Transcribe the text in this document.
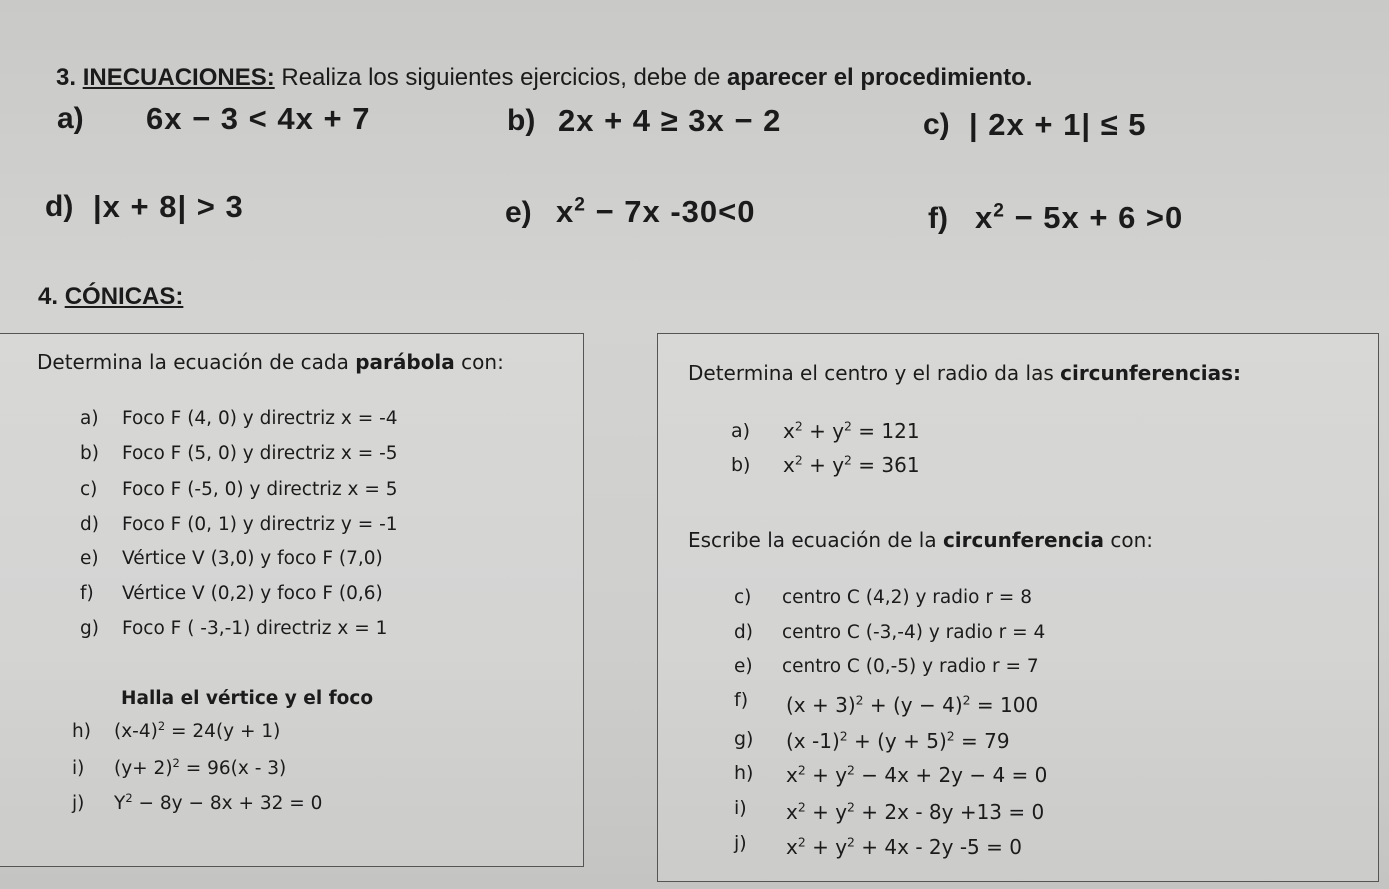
3. INECUACIONES: Realiza los siguientes ejercicios, debe de aparecer el procedimiento.
a) 6x − 3 < 4x + 7	b) 2x + 4 ≥ 3x − 2	c) | 2x + 1| ≤ 5
d) |x + 8| > 3	e) $x^2 - 7x$ -30<0	f) $x^2 - 5x + 6 >0$
4. CÓNICAS:
Determina la ecuación de cada parábola con:
a) Foco F (4, 0) y directriz x = -4
b) Foco F (5, 0) y directriz x = -5
c) Foco F (-5, 0) y directriz x = 5
d) Foco F (0, 1) y directriz y = -1
e) Vértice V (3,0) y foco F (7,0)
f) Vértice V (0,2) y foco F (0,6)
g) Foco F ( -3,-1) directriz x = 1
Halla el vértice y el foco
h) $(x-4)^2 = 24(y + 1)$
i) $(y+ 2)^2 = 96(x - 3)$
j) $Y^2 - 8y - 8x + 32 = 0$
Determina el centro y el radio da las circunferencias:
a) $x^2 + y^2 = 121$
b) $x^2 + y^2 = 361$
Escribe la ecuación de la circunferencia con:
c) centro C (4,2) y radio r = 8
d) centro C (-3,-4) y radio r = 4
e) centro C (0,-5) y radio r = 7
f) $(x + 3)^2 + (y - 4)^2 = 100$
g) (x $-1)^2 + (y + 5)^2 = 79$
h) $x^2 + y^2 - 4x + 2y - 4 = 0$
i) $x^2 + y^2 + 2x - 8y +13 = 0$
j) $x^2 + y^2 + 4x - 2y$ -5 = 0
